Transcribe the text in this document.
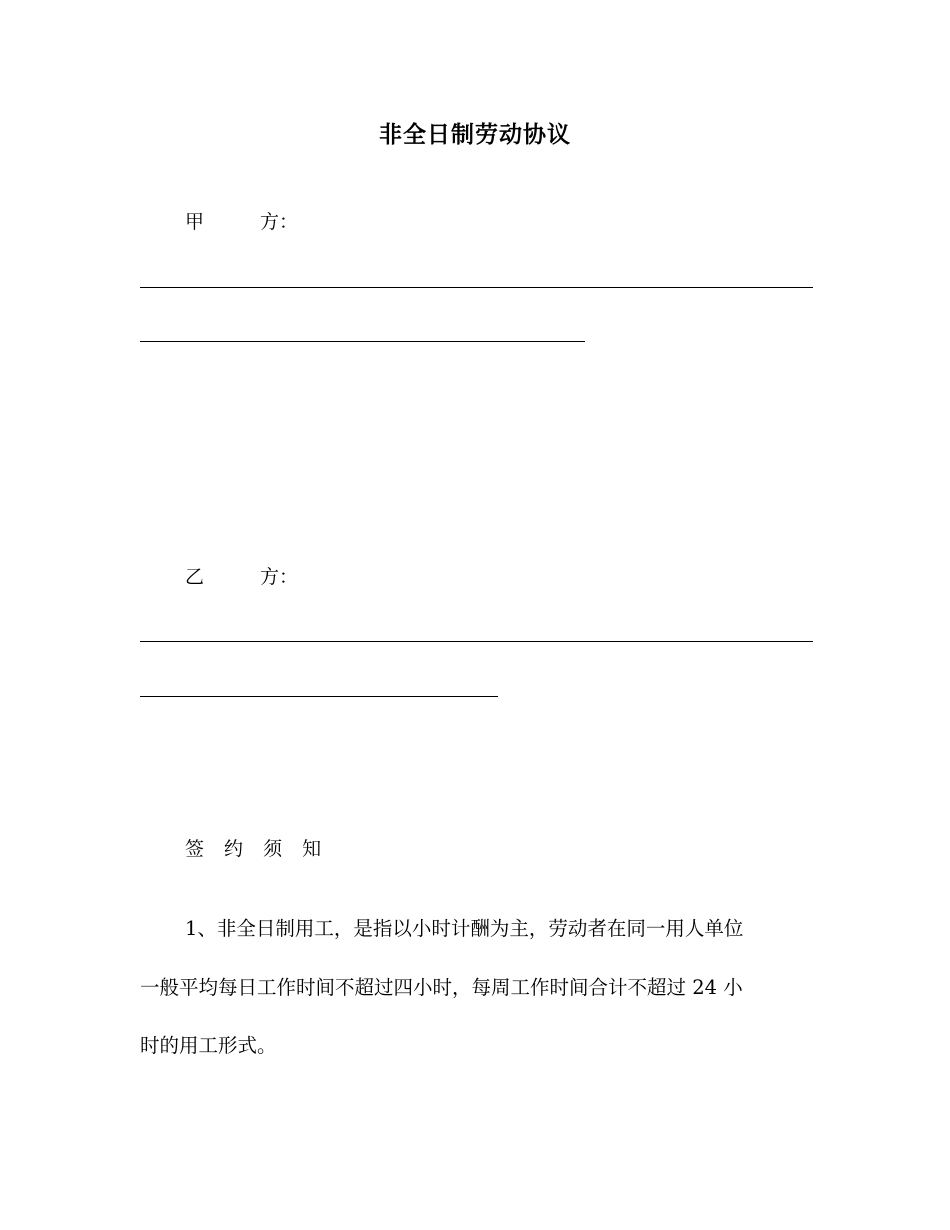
非全日制劳动协议
甲	方：
乙	方：
签 约 须 知
1、非全日制用工，是指以小时计酬为主，劳动者在同一用人单位
一般平均每日工作时间不超过四小时，每周工作时间合计不超过 24 小
时的用工形式。
